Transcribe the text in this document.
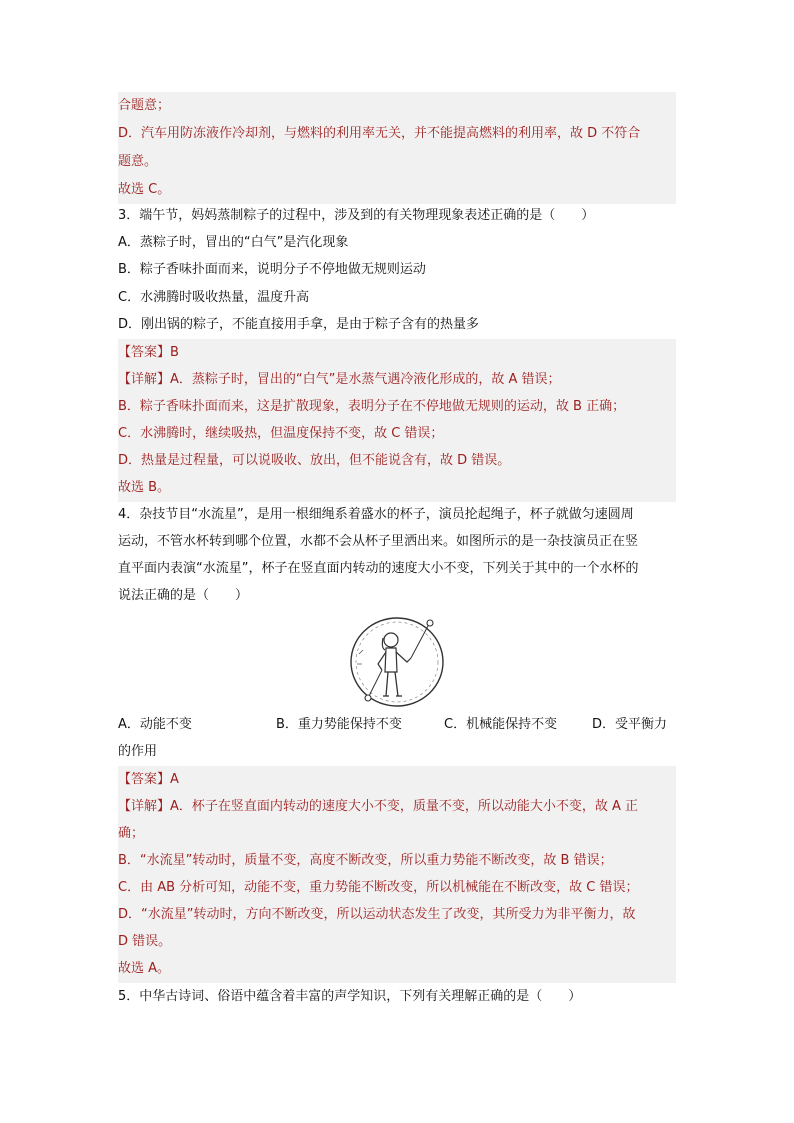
合题意；
D．汽车用防冻液作冷却剂，与燃料的利用率无关，并不能提高燃料的利用率，故 D 不符合
题意。
故选 C。
3．端午节，妈妈蒸制粽子的过程中，涉及到的有关物理现象表述正确的是（　　）
A．蒸粽子时，冒出的“白气”是汽化现象
B．粽子香味扑面而来，说明分子不停地做无规则运动
C．水沸腾时吸收热量，温度升高
D．刚出锅的粽子，不能直接用手拿，是由于粽子含有的热量多
【答案】B
【详解】A．蒸粽子时，冒出的“白气”是水蒸气遇冷液化形成的，故 A 错误；
B．粽子香味扑面而来，这是扩散现象，表明分子在不停地做无规则的运动，故 B 正确；
C．水沸腾时，继续吸热，但温度保持不变，故 C 错误；
D．热量是过程量，可以说吸收、放出，但不能说含有，故 D 错误。
故选 B。
4．杂技节目“水流星”，是用一根细绳系着盛水的杯子，演员抡起绳子，杯子就做匀速圆周
运动，不管水杯转到哪个位置，水都不会从杯子里洒出来。如图所示的是一杂技演员正在竖
直平面内表演“水流星”，杯子在竖直面内转动的速度大小不变，下列关于其中的一个水杯的
说法正确的是（　　）
A．动能不变	B．重力势能保持不变	C．机械能保持不变	D．受平衡力
的作用
【答案】A
【详解】A．杯子在竖直面内转动的速度大小不变，质量不变，所以动能大小不变，故 A 正
确；
B．“水流星”转动时，质量不变，高度不断改变，所以重力势能不断改变，故 B 错误；
C．由 AB 分析可知，动能不变，重力势能不断改变，所以机械能在不断改变，故 C 错误；
D．“水流星”转动时，方向不断改变，所以运动状态发生了改变，其所受力为非平衡力，故
D 错误。
故选 A。
5．中华古诗词、俗语中蕴含着丰富的声学知识，下列有关理解正确的是（　　）
